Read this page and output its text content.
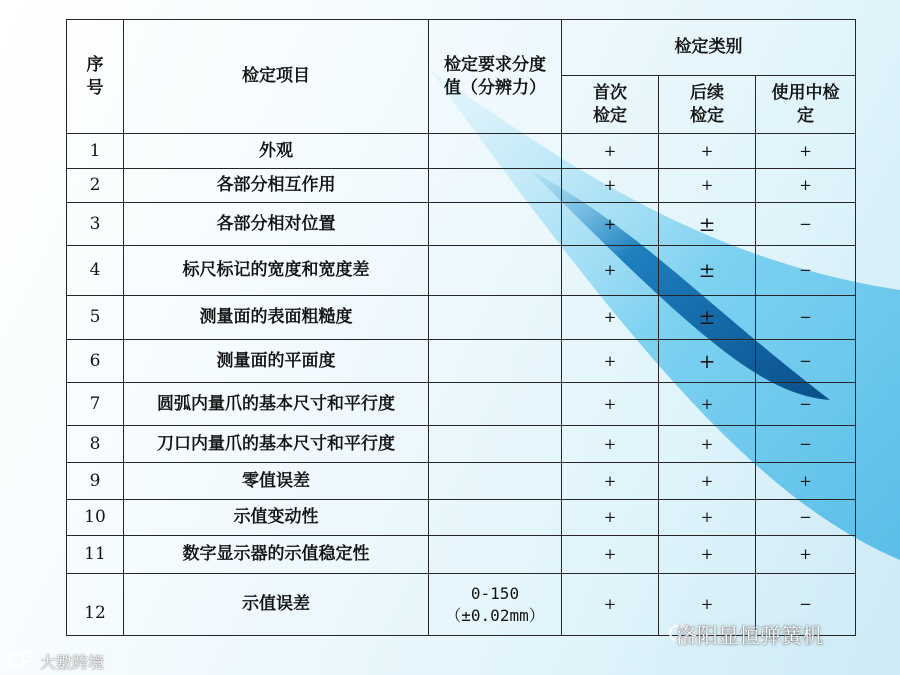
序号	检定项目	检定要求分度值（分辨力）	检定类别		
			首次检定	后续检定	使用中检定
1	外观		+	+	+
2	各部分相互作用		+	+	+
3	各部分相对位置		+	±	−
4	标尺标记的宽度和宽度差		+	±	−
5	测量面的表面粗糙度		+	±	−
6	测量面的平面度		+	+	−
7	圆弧内量爪的基本尺寸和平行度		+	+	−
8	刀口内量爪的基本尺寸和平行度		+	+	−
9	零值误差		+	+	+
10	示值变动性		+	+	−
11	数字显示器的示值稳定性		+	+	+
12	示值误差	0-150（±0.02mm）	+	+	−
洛阳显恒弹簧机
大數跨境
